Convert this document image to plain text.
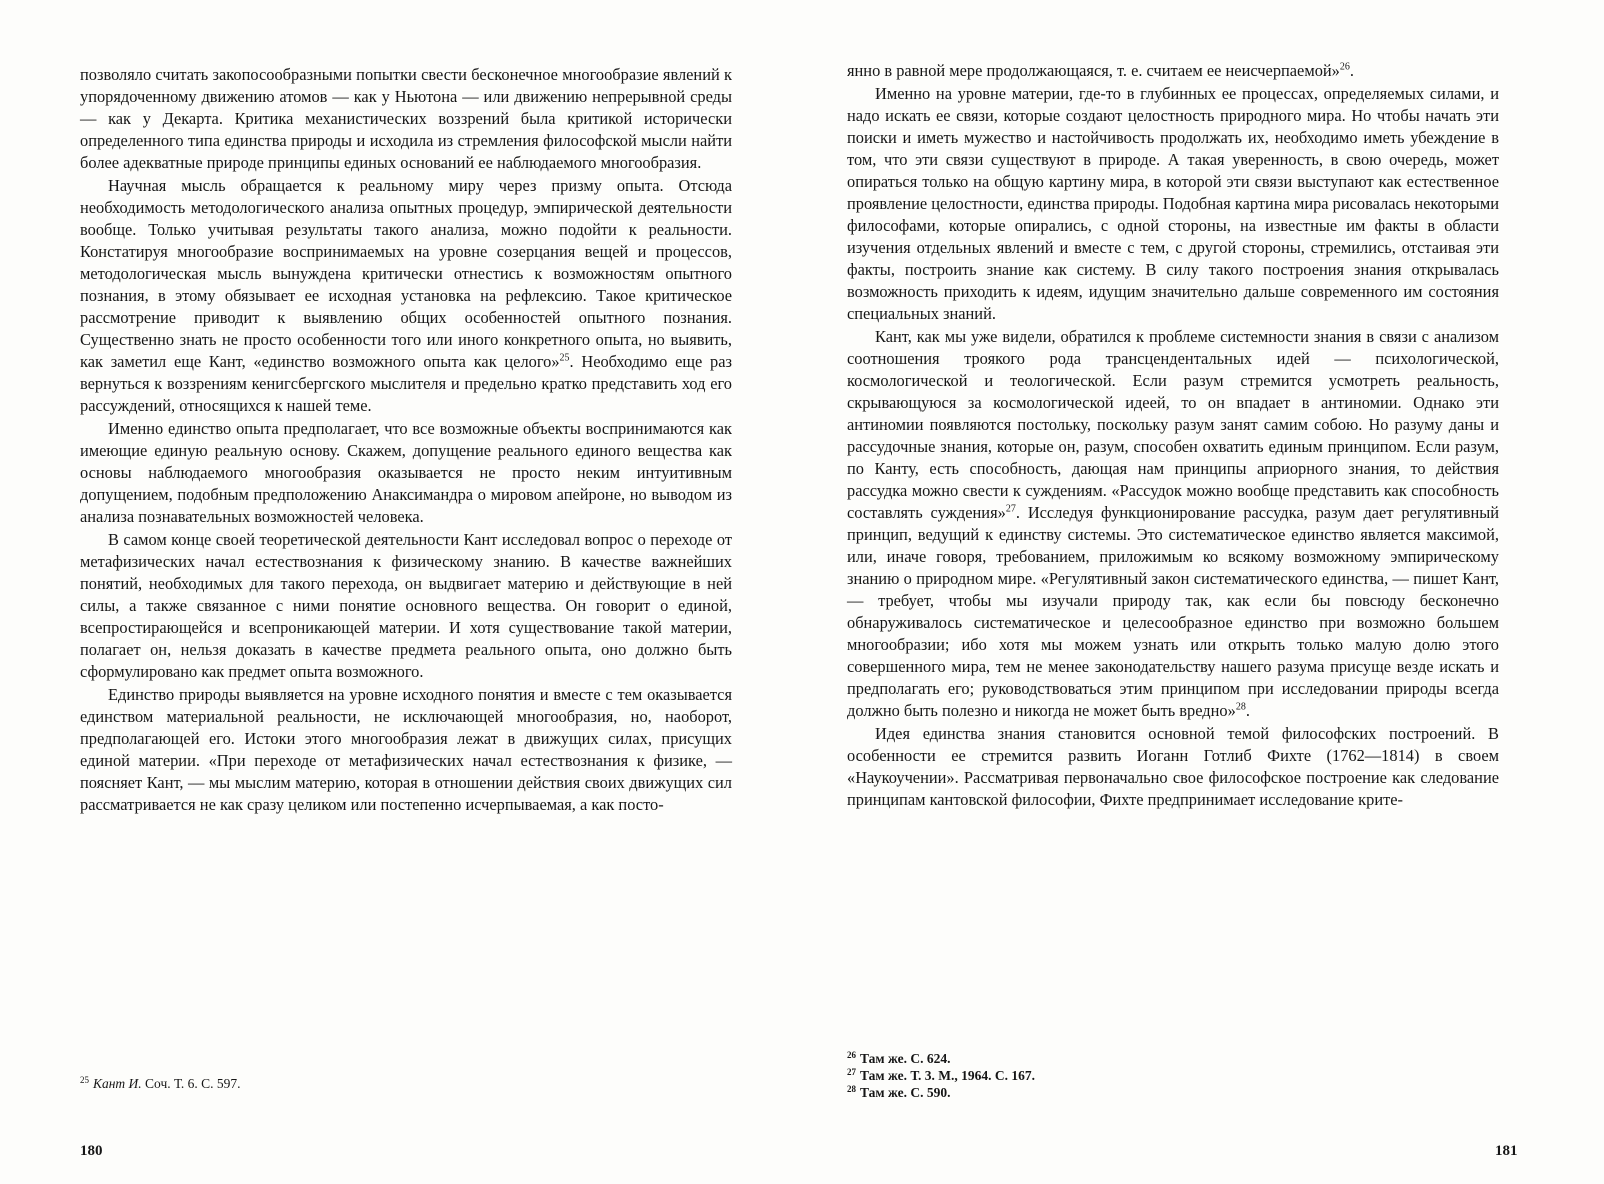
позволяло считать закопосообразными попытки свести бесконечное многообразие явлений к упорядоченному движению атомов — как у Ньютона — или движению непрерывной среды — как у Декарта. Критика механистических воззрений была критикой исторически определенного типа единства природы и исходила из стремления философской мысли найти более адекватные природе принципы единых оснований ее наблюдаемого многообразия.

Научная мысль обращается к реальному миру через призму опыта. Отсюда необходимость методологического анализа опытных процедур, эмпирической деятельности вообще. Только учитывая результаты такого анализа, можно подойти к реальности. Констатируя многообразие воспринимаемых на уровне созерцания вещей и процессов, методологическая мысль вынуждена критически отнестись к возможностям опытного познания, в этому обязывает ее исходная установка на рефлексию. Такое критическое рассмотрение приводит к выявлению общих особенностей опытного познания. Существенно знать не просто особенности того или иного конкретного опыта, но выявить, как заметил еще Кант, «единство возможного опыта как целого»$^{25}$. Необходимо еще раз вернуться к воззрениям кенигсбергского мыслителя и предельно кратко представить ход его рассуждений, относящихся к нашей теме.

Именно единство опыта предполагает, что все возможные объекты воспринимаются как имеющие единую реальную основу. Скажем, допущение реального единого вещества как основы наблюдаемого многообразия оказывается не просто неким интуитивным допущением, подобным предположению Анаксимандра о мировом апейроне, но выводом из анализа познавательных возможностей человека.

В самом конце своей теоретической деятельности Кант исследовал вопрос о переходе от метафизических начал естествознания к физическому знанию. В качестве важнейших понятий, необходимых для такого перехода, он выдвигает материю и действующие в ней силы, а также связанное с ними понятие основного вещества. Он говорит о единой, всепростирающейся и всепроникающей материи. И хотя существование такой материи, полагает он, нельзя доказать в качестве предмета реального опыта, оно должно быть сформулировано как предмет опыта возможного.

Единство природы выявляется на уровне исходного понятия и вместе с тем оказывается единством материальной реальности, не исключающей многообразия, но, наоборот, предполагающей его. Истоки этого многообразия лежат в движущих силах, присущих единой материи. «При переходе от метафизических начал естествознания к физике, — поясняет Кант, — мы мыслим материю, которая в отношении действия своих движущих сил рассматривается не как сразу целиком или постепенно исчерпываемая, а как посто-

$^{25}$ Кант И. Соч. Т. 6. С. 597.

180

янно в равной мере продолжающаяся, т. е. считаем ее неисчерпаемой»$^{26}$.

Именно на уровне материи, где-то в глубинных ее процессах, определяемых силами, и надо искать ее связи, которые создают целостность природного мира. Но чтобы начать эти поиски и иметь мужество и настойчивость продолжать их, необходимо иметь убеждение в том, что эти связи существуют в природе. А такая уверенность, в свою очередь, может опираться только на общую картину мира, в которой эти связи выступают как естественное проявление целостности, единства природы. Подобная картина мира рисовалась некоторыми философами, которые опирались, с одной стороны, на известные им факты в области изучения отдельных явлений и вместе с тем, с другой стороны, стремились, отстаивая эти факты, построить знание как систему. В силу такого построения знания открывалась возможность приходить к идеям, идущим значительно дальше современного им состояния специальных знаний.

Кант, как мы уже видели, обратился к проблеме системности знания в связи с анализом соотношения троякого рода трансцендентальных идей — психологической, космологической и теологической. Если разум стремится усмотреть реальность, скрывающуюся за космологической идеей, то он впадает в антиномии. Однако эти антиномии появляются постольку, поскольку разум занят самим собою. Но разуму даны и рассудочные знания, которые он, разум, способен охватить единым принципом. Если разум, по Канту, есть способность, дающая нам принципы априорного знания, то действия рассудка можно свести к суждениям. «Рассудок можно вообще представить как способность составлять суждения»$^{27}$. Исследуя функционирование рассудка, разум дает регулятивный принцип, ведущий к единству системы. Это систематическое единство является максимой, или, иначе говоря, требованием, приложимым ко всякому возможному эмпирическому знанию о природном мире. «Регулятивный закон систематического единства, — пишет Кант, — требует, чтобы мы изучали природу так, как если бы повсюду бесконечно обнаруживалось систематическое и целесообразное единство при возможно большем многообразии; ибо хотя мы можем узнать или открыть только малую долю этого совершенного мира, тем не менее законодательству нашего разума присуще везде искать и предполагать его; руководствоваться этим принципом при исследовании природы всегда должно быть полезно и никогда не может быть вредно»$^{28}$.

Идея единства знания становится основной темой философских построений. В особенности ее стремится развить Иоганн Готлиб Фихте (1762—1814) в своем «Наукоучении». Рассматривая первоначально свое философское построение как следование принципам кантовской философии, Фихте предпринимает исследование крите-

$^{26}$ Там же. С. 624.

$^{27}$ Там же. Т. 3. М., 1964. С. 167.

$^{28}$ Там же. С. 590.

181
